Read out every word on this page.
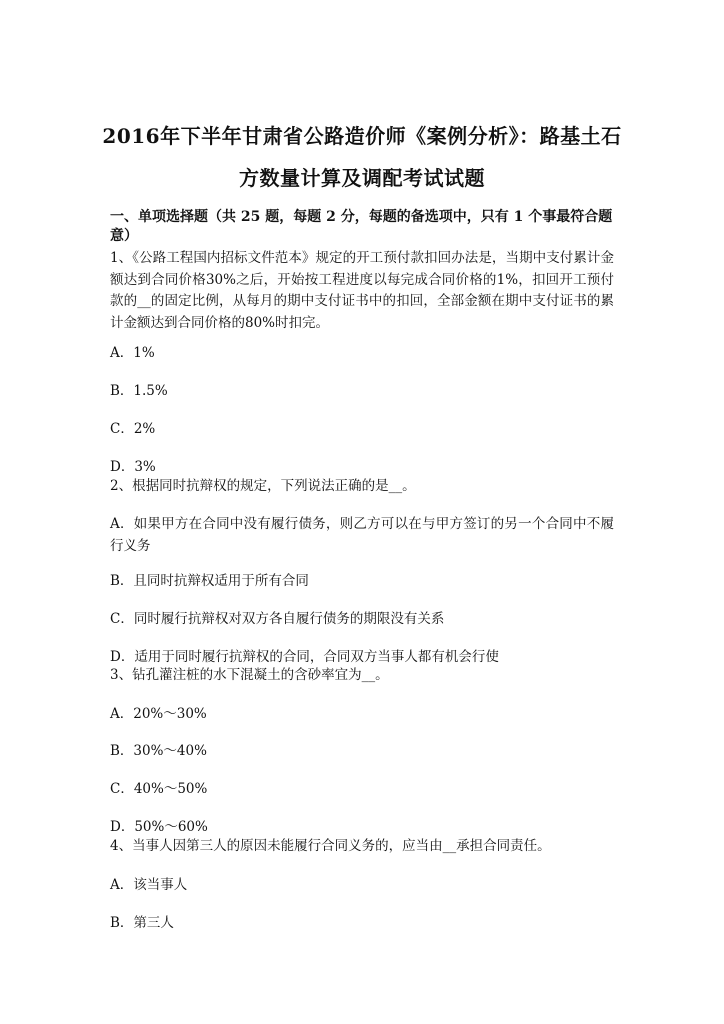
2016年下半年甘肃省公路造价师《案例分析》：路基土石
方数量计算及调配考试试题
一、单项选择题（共 25 题，每题 2 分，每题的备选项中，只有 1 个事最符合题意）
1、《公路工程国内招标文件范本》规定的开工预付款扣回办法是，当期中支付累计金额达到合同价格30%之后，开始按工程进度以每完成合同价格的1%，扣回开工预付款的__的固定比例，从每月的期中支付证书中的扣回，全部金额在期中支付证书的累计金额达到合同价格的80%时扣完。
A．1%
B．1.5%
C．2%
D．3%
2、根据同时抗辩权的规定，下列说法正确的是__。
A．如果甲方在合同中没有履行债务，则乙方可以在与甲方签订的另一个合同中不履行义务
B．且同时抗辩权适用于所有合同
C．同时履行抗辩权对双方各自履行债务的期限没有关系
D．适用于同时履行抗辩权的合同，合同双方当事人都有机会行使
3、钻孔灌注桩的水下混凝土的含砂率宜为__。
A．20%～30%
B．30%～40%
C．40%～50%
D．50%～60%
4、当事人因第三人的原因未能履行合同义务的，应当由__承担合同责任。
A．该当事人
B．第三人
